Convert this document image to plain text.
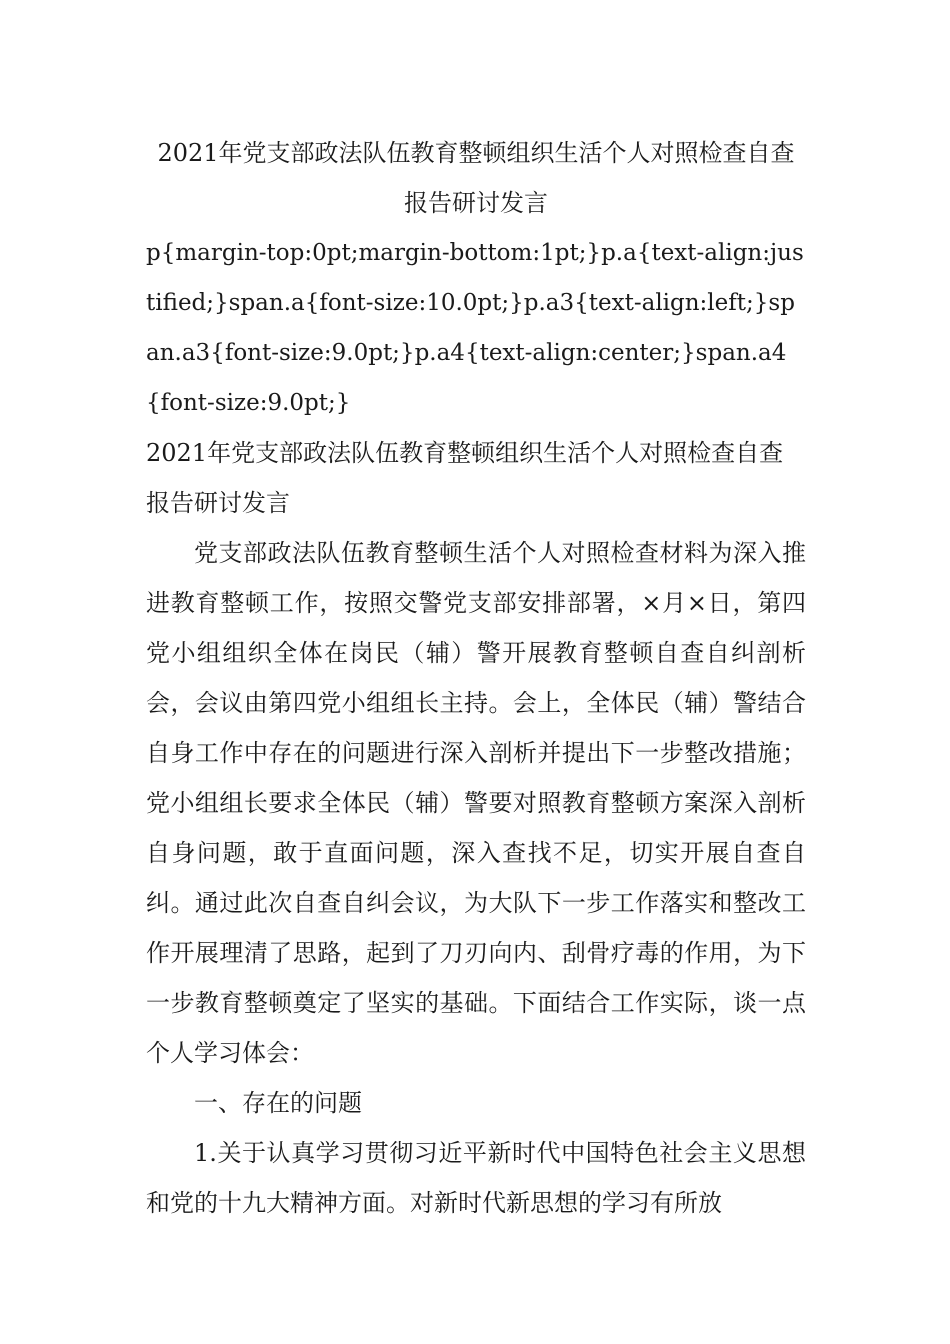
2021年党支部政法队伍教育整顿组织生活个人对照检查自查报告研讨发言

p{margin-top:0pt;margin-bottom:1pt;}p.a{text-align:justified;}span.a{font-size:10.0pt;}p.a3{text-align:left;}span.a3{font-size:9.0pt;}p.a4{text-align:center;}span.a4{font-size:9.0pt;}

2021年党支部政法队伍教育整顿组织生活个人对照检查自查报告研讨发言

党支部政法队伍教育整顿生活个人对照检查材料为深入推进教育整顿工作，按照交警党支部安排部署，×月×日，第四党小组组织全体在岗民（辅）警开展教育整顿自查自纠剖析会，会议由第四党小组组长主持。会上，全体民（辅）警结合自身工作中存在的问题进行深入剖析并提出下一步整改措施；党小组组长要求全体民（辅）警要对照教育整顿方案深入剖析自身问题，敢于直面问题，深入查找不足，切实开展自查自纠。通过此次自查自纠会议，为大队下一步工作落实和整改工作开展理清了思路，起到了刀刃向内、刮骨疗毒的作用，为下一步教育整顿奠定了坚实的基础。下面结合工作实际，谈一点个人学习体会：

一、存在的问题

1.关于认真学习贯彻习近平新时代中国特色社会主义思想和党的十九大精神方面。对新时代新思想的学习有所放
